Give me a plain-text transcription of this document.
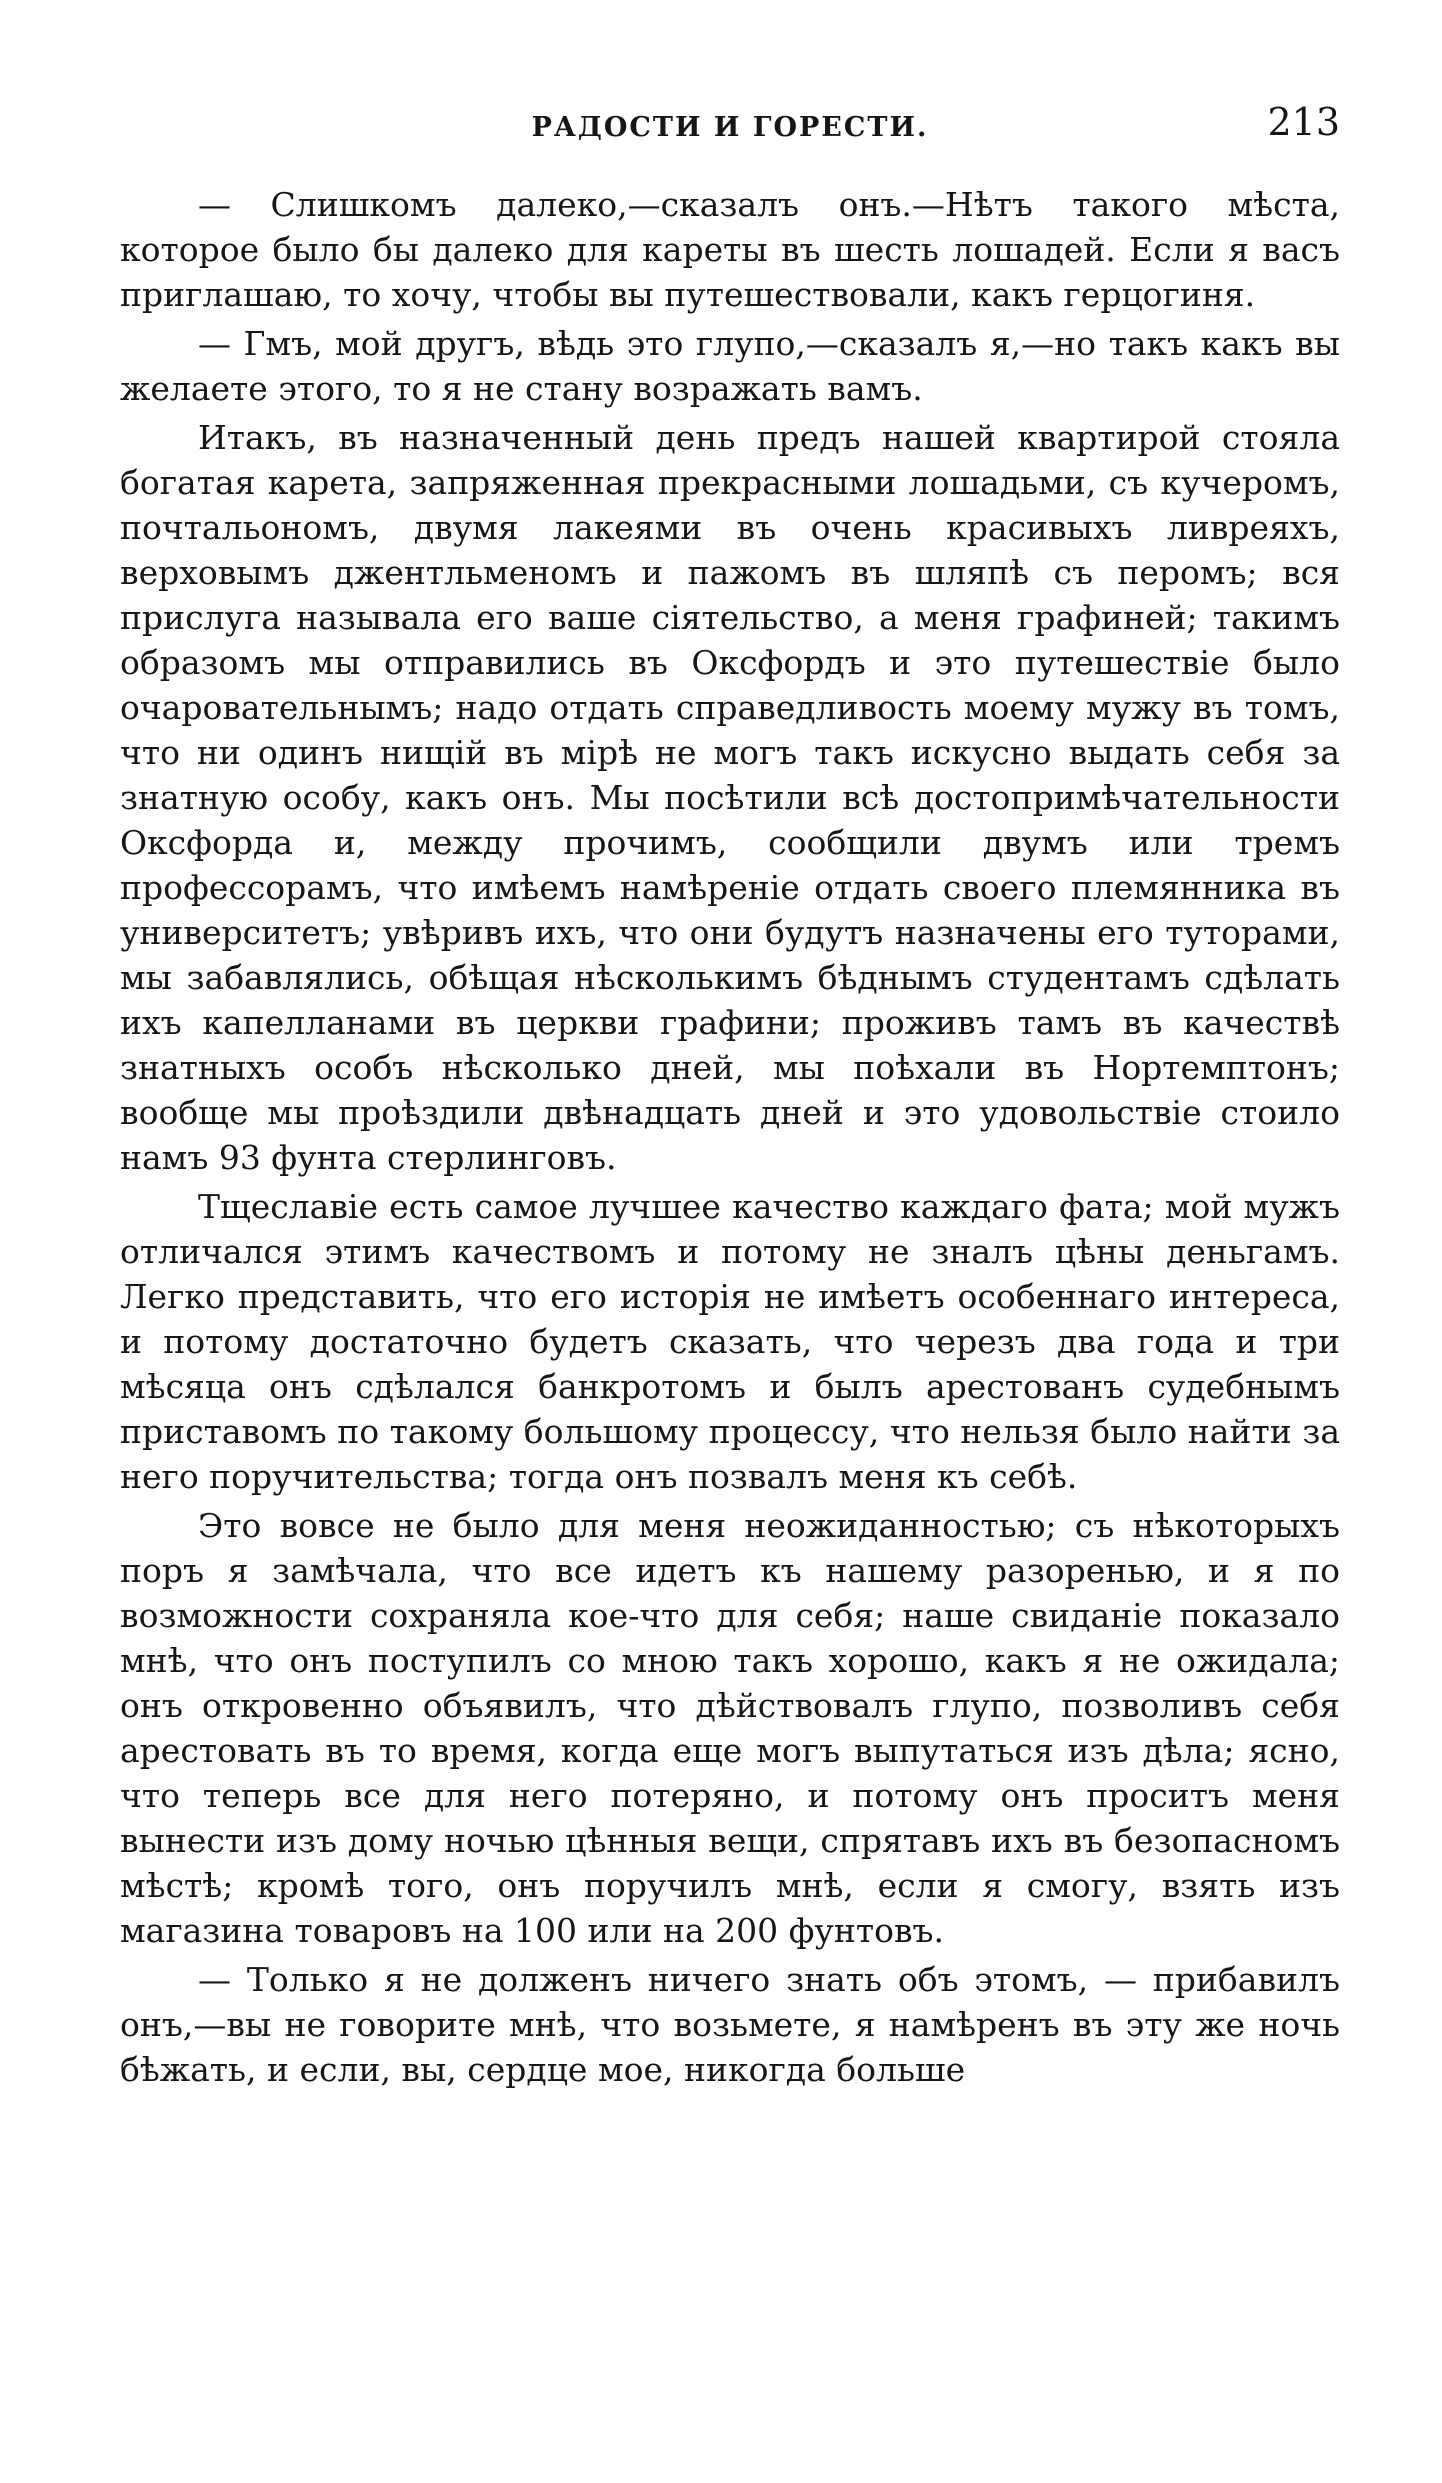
РАДОСТИ И ГОРЕСТИ.	213

— Слишкомъ далеко,—сказалъ онъ.—Нѣтъ такого мѣста, которое было бы далеко для кареты въ шесть лошадей. Если я васъ приглашаю, то хочу, чтобы вы путешествовали, какъ герцогиня.

— Гмъ, мой другъ, вѣдь это глупо,—сказалъ я,—но такъ какъ вы желаете этого, то я не стану возражать вамъ.

Итакъ, въ назначенный день предъ нашей квартирой стояла богатая карета, запряженная прекрасными лошадьми, съ кучеромъ, почтальономъ, двумя лакеями въ очень красивыхъ ливреяхъ, верховымъ джентльменомъ и пажомъ въ шляпѣ съ перомъ; вся прислуга называла его ваше сіятельство, а меня графиней; такимъ образомъ мы отправились въ Оксфордъ и это путешествіе было очаровательнымъ; надо отдать справедливость моему мужу въ томъ, что ни одинъ нищій въ мірѣ не могъ такъ искусно выдать себя за знатную особу, какъ онъ. Мы посѣтили всѣ достопримѣчательности Оксфорда и, между прочимъ, сообщили двумъ или тремъ профессорамъ, что имѣемъ намѣреніе отдать своего племянника въ университетъ; увѣривъ ихъ, что они будутъ назначены его туторами, мы забавлялись, обѣщая нѣсколькимъ бѣднымъ студентамъ сдѣлать ихъ капелланами въ церкви графини; проживъ тамъ въ качествѣ знатныхъ особъ нѣсколько дней, мы поѣхали въ Нортемптонъ; вообще мы проѣздили двѣнадцать дней и это удовольствіе стоило намъ 93 фунта стерлинговъ.

Тщеславіе есть самое лучшее качество каждаго фата; мой мужъ отличался этимъ качествомъ и потому не зналъ цѣны деньгамъ. Легко представить, что его исторія не имѣетъ особеннаго интереса, и потому достаточно будетъ сказать, что черезъ два года и три мѣсяца онъ сдѣлался банкротомъ и былъ арестованъ судебнымъ приставомъ по такому большому процессу, что нельзя было найти за него поручительства; тогда онъ позвалъ меня къ себѣ.

Это вовсе не было для меня неожиданностью; съ нѣкоторыхъ поръ я замѣчала, что все идетъ къ нашему разоренью, и я по возможности сохраняла кое-что для себя; наше свиданіе показало мнѣ, что онъ поступилъ со мною такъ хорошо, какъ я не ожидала; онъ откровенно объявилъ, что дѣйствовалъ глупо, позволивъ себя арестовать въ то время, когда еще могъ выпутаться изъ дѣла; ясно, что теперь все для него потеряно, и потому онъ проситъ меня вынести изъ дому ночью цѣнныя вещи, спрятавъ ихъ въ безопасномъ мѣстѣ; кромѣ того, онъ поручилъ мнѣ, если я смогу, взять изъ магазина товаровъ на 100 или на 200 фунтовъ.

— Только я не долженъ ничего знать объ этомъ, — прибавилъ онъ,—вы не говорите мнѣ, что возьмете, я намѣренъ въ эту же ночь бѣжать, и если, вы, сердце мое, никогда больше
